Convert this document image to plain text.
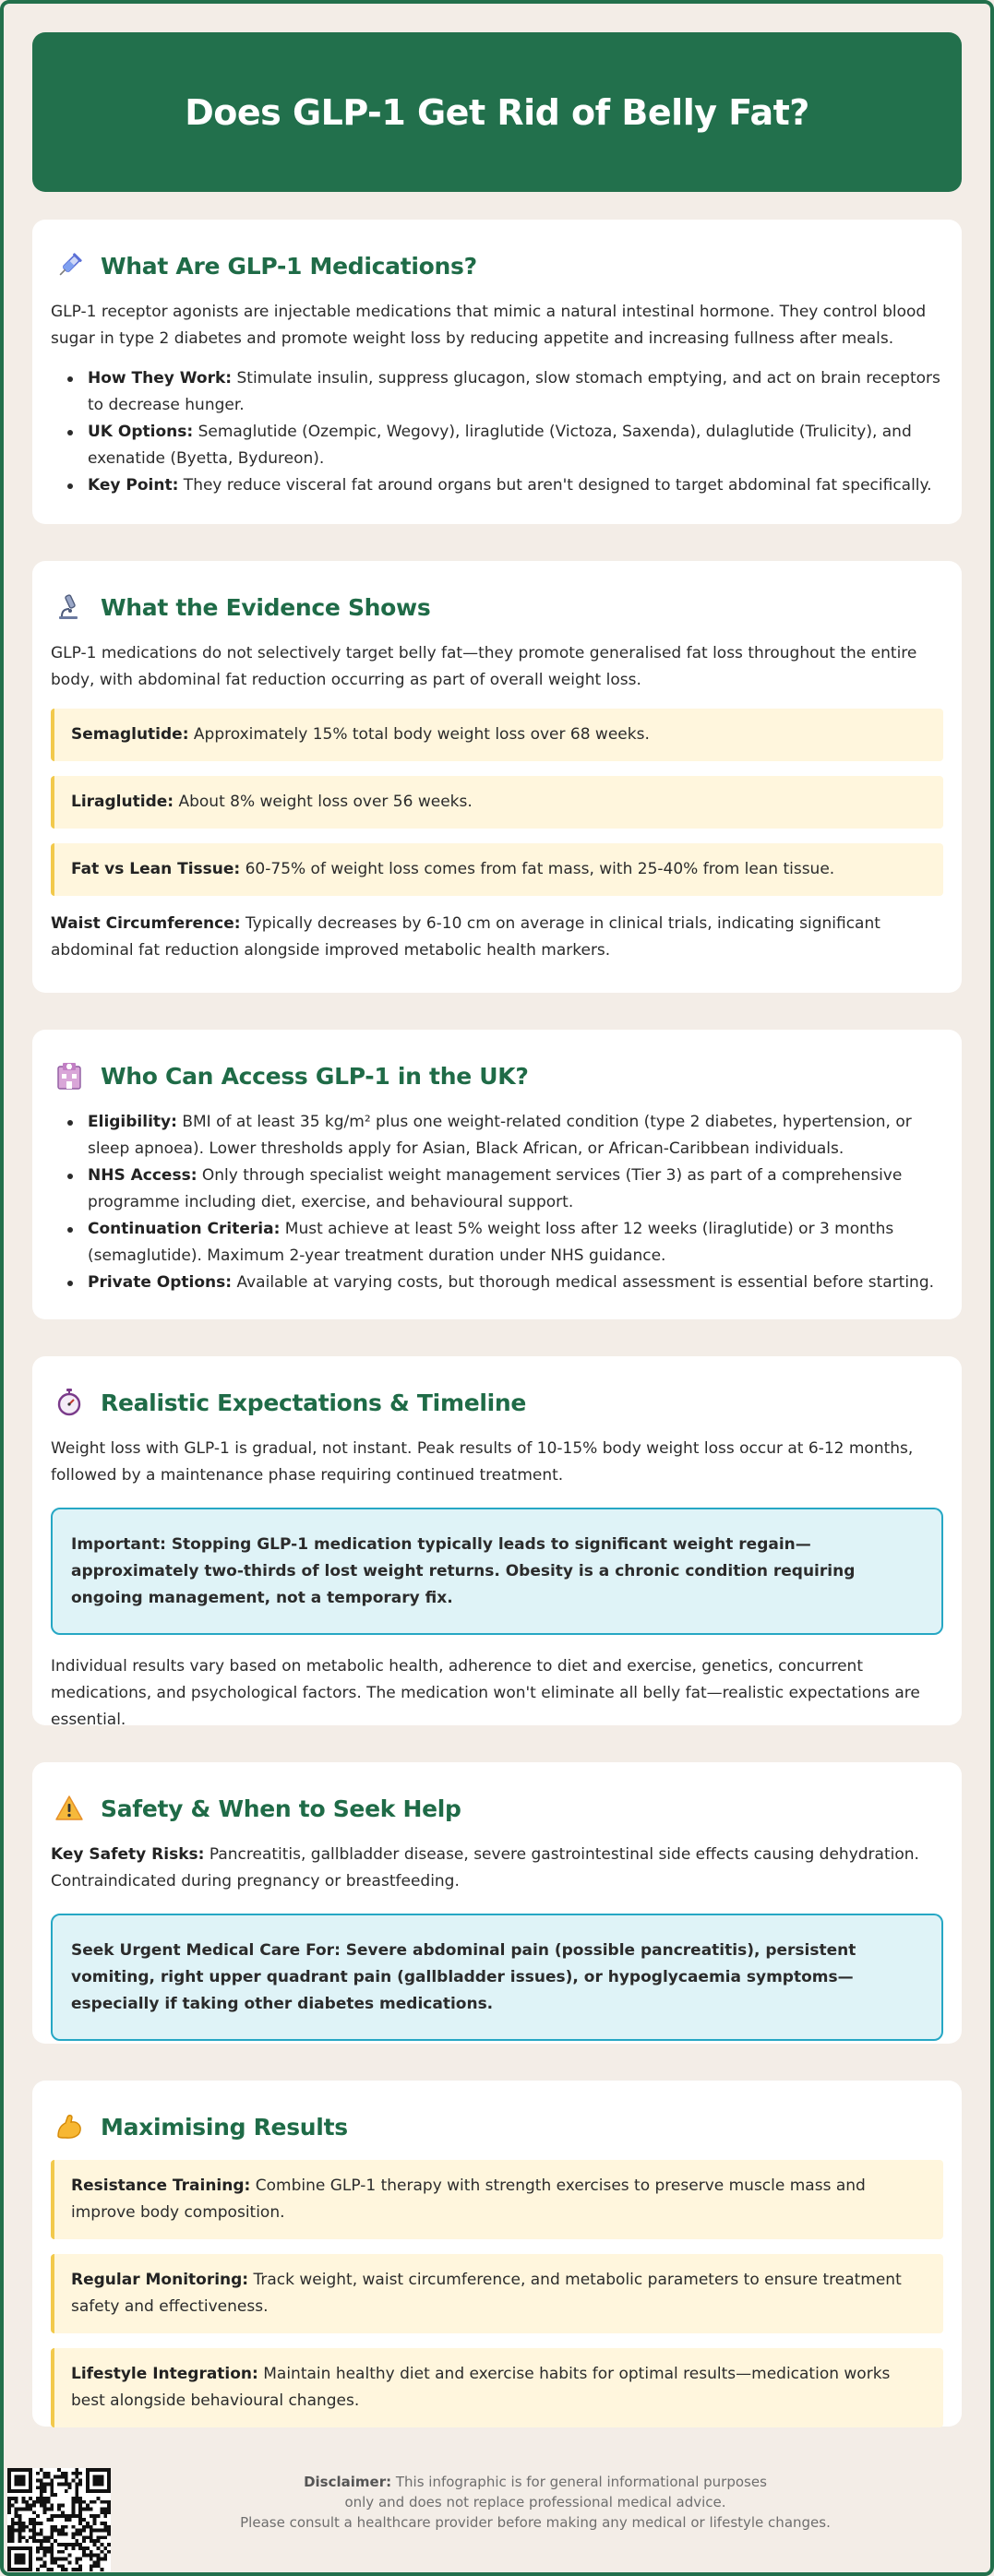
Does GLP-1 Get Rid of Belly Fat?
What Are GLP-1 Medications?

GLP-1 receptor agonists are injectable medications that mimic a natural intestinal hormone. They control blood sugar in type 2 diabetes and promote weight loss by reducing appetite and increasing fullness after meals.

How They Work: Stimulate insulin, suppress glucagon, slow stomach emptying, and act on brain receptors to decrease hunger.
UK Options: Semaglutide (Ozempic, Wegovy), liraglutide (Victoza, Saxenda), dulaglutide (Trulicity), and exenatide (Byetta, Bydureon).
Key Point: They reduce visceral fat around organs but aren't designed to target abdominal fat specifically.
What the Evidence Shows

GLP-1 medications do not selectively target belly fat—they promote generalised fat loss throughout the entire body, with abdominal fat reduction occurring as part of overall weight loss.

Semaglutide: Approximately 15% total body weight loss over 68 weeks.
Liraglutide: About 8% weight loss over 56 weeks.
Fat vs Lean Tissue: 60-75% of weight loss comes from fat mass, with 25-40% from lean tissue.

Waist Circumference: Typically decreases by 6-10 cm on average in clinical trials, indicating significant abdominal fat reduction alongside improved metabolic health markers.

Who Can Access GLP-1 in the UK?
Eligibility: BMI of at least 35 kg/m² plus one weight-related condition (type 2 diabetes, hypertension, or sleep apnoea). Lower thresholds apply for Asian, Black African, or African-Caribbean individuals.
NHS Access: Only through specialist weight management services (Tier 3) as part of a comprehensive programme including diet, exercise, and behavioural support.
Continuation Criteria: Must achieve at least 5% weight loss after 12 weeks (liraglutide) or 3 months (semaglutide). Maximum 2-year treatment duration under NHS guidance.
Private Options: Available at varying costs, but thorough medical assessment is essential before starting.
Realistic Expectations & Timeline

Weight loss with GLP-1 is gradual, not instant. Peak results of 10-15% body weight loss occur at 6-12 months, followed by a maintenance phase requiring continued treatment.

Important: Stopping GLP-1 medication typically leads to significant weight regain—approximately two-thirds of lost weight returns. Obesity is a chronic condition requiring ongoing management, not a temporary fix.

Individual results vary based on metabolic health, adherence to diet and exercise, genetics, concurrent medications, and psychological factors. The medication won't eliminate all belly fat—realistic expectations are essential.

Safety & When to Seek Help

Key Safety Risks: Pancreatitis, gallbladder disease, severe gastrointestinal side effects causing dehydration. Contraindicated during pregnancy or breastfeeding.

Seek Urgent Medical Care For: Severe abdominal pain (possible pancreatitis), persistent vomiting, right upper quadrant pain (gallbladder issues), or hypoglycaemia symptoms—especially if taking other diabetes medications.
Maximising Results
Resistance Training: Combine GLP-1 therapy with strength exercises to preserve muscle mass and improve body composition.
Regular Monitoring: Track weight, waist circumference, and metabolic parameters to ensure treatment safety and effectiveness.
Lifestyle Integration: Maintain healthy diet and exercise habits for optimal results—medication works best alongside behavioural changes.
Disclaimer: This infographic is for general informational purposes
only and does not replace professional medical advice.
Please consult a healthcare provider before making any medical or lifestyle changes.
